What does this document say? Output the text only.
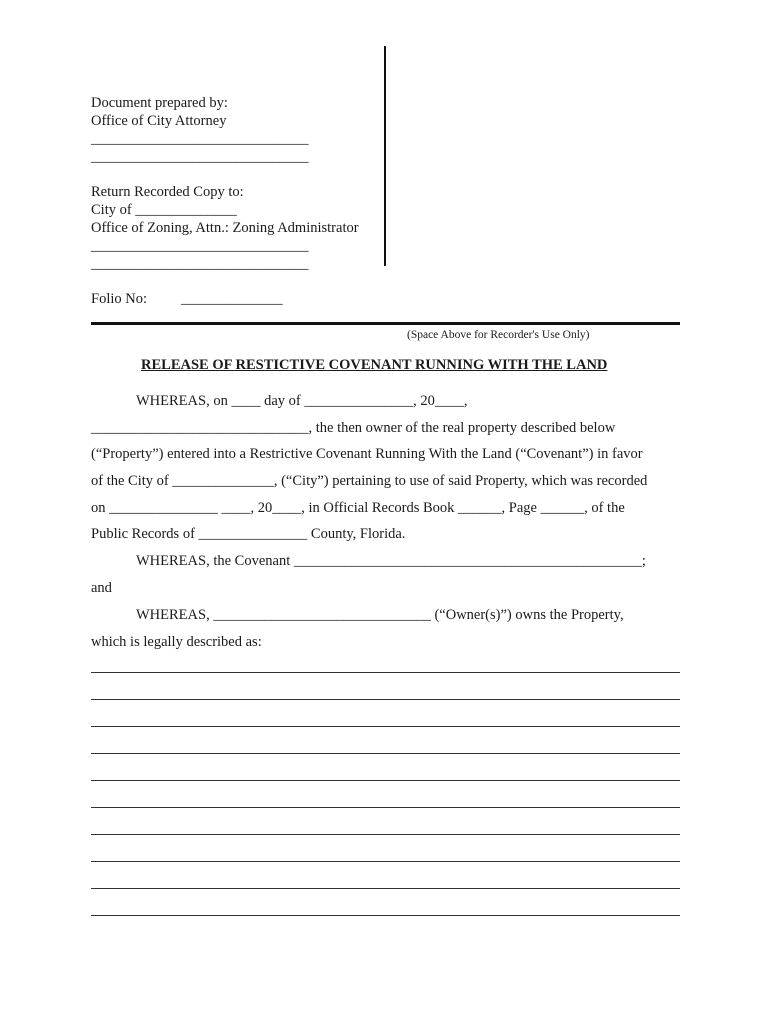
Document prepared by:
Office of City Attorney
______________________________
______________________________
Return Recorded Copy to:
City of ______________
Office of Zoning, Attn.: Zoning Administrator
______________________________
______________________________
Folio No: ______________
(Space Above for Recorder's Use Only)
RELEASE OF RESTICTIVE COVENANT RUNNING WITH THE LAND
WHEREAS, on ____ day of _______________, 20____,
______________________________, the then owner of the real property described below
(“Property”) entered into a Restrictive Covenant Running With the Land (“Covenant”) in favor
of the City of ______________, (“City”) pertaining to use of said Property, which was recorded
on _______________ ____, 20____, in Official Records Book ______, Page ______, of the
Public Records of _______________ County, Florida.
WHEREAS, the Covenant ________________________________________________;
and
WHEREAS, ______________________________ (“Owner(s)”) owns the Property,
which is legally described as:
